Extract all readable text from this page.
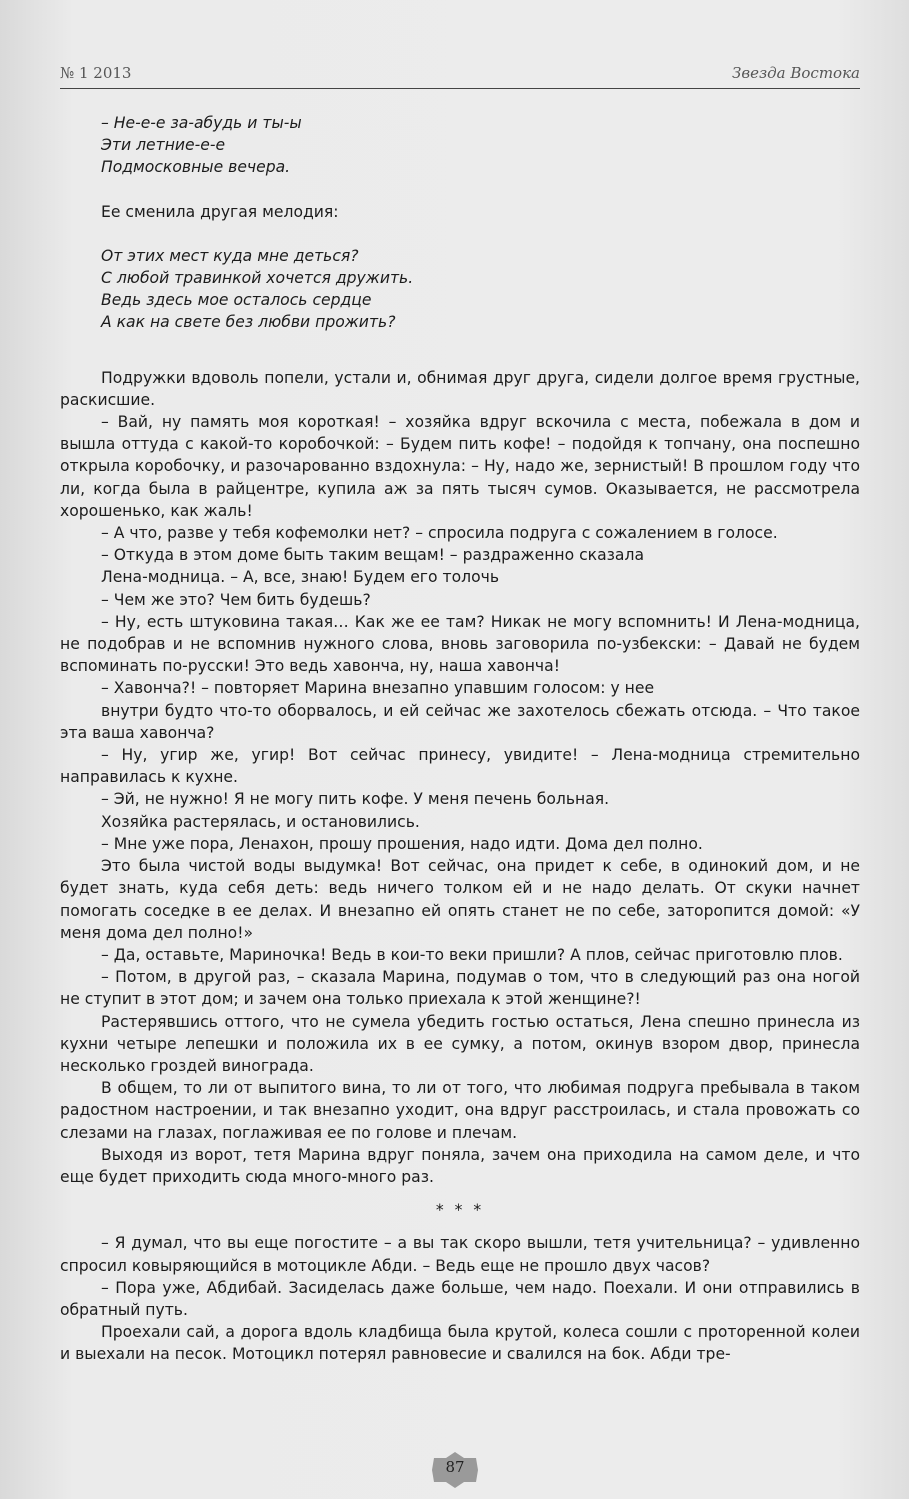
№ 1 2013	Звезда Востока
– Не-е-е за-абудь и ты-ы
Эти летние-е-е
Подмосковные вечера.

Ее сменила другая мелодия:

От этих мест куда мне деться?
С любой травинкой хочется дружить.
Ведь здесь мое осталось сердце
А как на свете без любви прожить?

Подружки вдоволь попели, устали и, обнимая друг друга, сидели долгое время грустные, раскисшие.

– Вай, ну память моя короткая! – хозяйка вдруг вскочила с места, побежала в дом и вышла оттуда с какой-то коробочкой: – Будем пить кофе! – подойдя к топчану, она поспешно открыла коробочку, и разочарованно вздохнула: – Ну, надо же, зернистый! В прошлом году что ли, когда была в райцентре, купила аж за пять тысяч сумов. Оказывается, не рассмотрела хорошенько, как жаль!

– А что, разве у тебя кофемолки нет? – спросила подруга с сожалением в голосе.

– Откуда в этом доме быть таким вещам! – раздраженно сказала

Лена-модница. – А, все, знаю! Будем его толочь

– Чем же это? Чем бить будешь?

– Ну, есть штуковина такая… Как же ее там? Никак не могу вспомнить! И Лена-модница, не подобрав и не вспомнив нужного слова, вновь заговорила по-узбекски: – Давай не будем вспоминать по-русски! Это ведь хавонча, ну, наша хавонча!

– Хавонча?! – повторяет Марина внезапно упавшим голосом: у нее

внутри будто что-то оборвалось, и ей сейчас же захотелось сбежать отсюда. – Что такое эта ваша хавонча?

– Ну, угир же, угир! Вот сейчас принесу, увидите! – Лена-модница стремительно направилась к кухне.

– Эй, не нужно! Я не могу пить кофе. У меня печень больная.

Хозяйка растерялась, и остановились.

– Мне уже пора, Ленахон, прошу прошения, надо идти. Дома дел полно.

Это была чистой воды выдумка! Вот сейчас, она придет к себе, в одинокий дом, и не будет знать, куда себя деть: ведь ничего толком ей и не надо делать. От скуки начнет помогать соседке в ее делах. И внезапно ей опять станет не по себе, заторопится домой: «У меня дома дел полно!»

– Да, оставьте, Мариночка! Ведь в кои-то веки пришли? А плов, сейчас приготовлю плов.

– Потом, в другой раз, – сказала Марина, подумав о том, что в следующий раз она ногой не ступит в этот дом; и зачем она только приехала к этой женщине?!

Растерявшись оттого, что не сумела убедить гостью остаться, Лена спешно принесла из кухни четыре лепешки и положила их в ее сумку, а потом, окинув взором двор, принесла несколько гроздей винограда.

В общем, то ли от выпитого вина, то ли от того, что любимая подруга пребывала в таком радостном настроении, и так внезапно уходит, она вдруг расстроилась, и стала провожать со слезами на глазах, поглаживая ее по голове и плечам.

Выходя из ворот, тетя Марина вдруг поняла, зачем она приходила на самом деле, и что еще будет приходить сюда много-много раз.

* * *

– Я думал, что вы еще погостите – а вы так скоро вышли, тетя учительница? – удивленно спросил ковыряющийся в мотоцикле Абди. – Ведь еще не прошло двух часов?

– Пора уже, Абдибай. Засиделась даже больше, чем надо. Поехали. И они отправились в обратный путь.

Проехали сай, а дорога вдоль кладбища была крутой, колеса сошли с проторенной колеи и выехали на песок. Мотоцикл потерял равновесие и свалился на бок. Абди тре-

87
